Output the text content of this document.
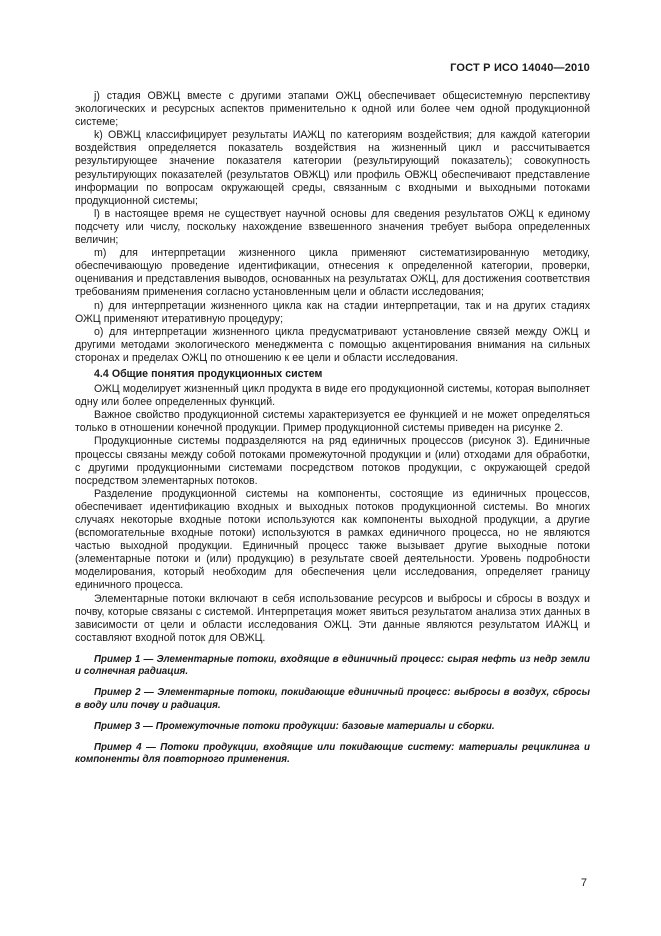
ГОСТ Р ИСО 14040—2010

j) стадия ОВЖЦ вместе с другими этапами ОЖЦ обеспечивает общесистемную перспективу экологических и ресурсных аспектов применительно к одной или более чем одной продукционной системе;

k) ОВЖЦ классифицирует результаты ИАЖЦ по категориям воздействия; для каждой категории воздействия определяется показатель воздействия на жизненный цикл и рассчитывается результирующее значение показателя категории (результирующий показатель); совокупность результирующих показателей (результатов ОВЖЦ) или профиль ОВЖЦ обеспечивают представление информации по вопросам окружающей среды, связанным с входными и выходными потоками продукционной системы;

l) в настоящее время не существует научной основы для сведения результатов ОЖЦ к единому подсчету или числу, поскольку нахождение взвешенного значения требует выбора определенных величин;

m) для интерпретации жизненного цикла применяют систематизированную методику, обеспечивающую проведение идентификации, отнесения к определенной категории, проверки, оценивания и представления выводов, основанных на результатах ОЖЦ, для достижения соответствия требованиям применения согласно установленным цели и области исследования;

n) для интерпретации жизненного цикла как на стадии интерпретации, так и на других стадиях ОЖЦ применяют итеративную процедуру;

o) для интерпретации жизненного цикла предусматривают установление связей между ОЖЦ и другими методами экологического менеджмента с помощью акцентирования внимания на сильных сторонах и пределах ОЖЦ по отношению к ее цели и области исследования.

4.4 Общие понятия продукционных систем

ОЖЦ моделирует жизненный цикл продукта в виде его продукционной системы, которая выполняет одну или более определенных функций.

Важное свойство продукционной системы характеризуется ее функцией и не может определяться только в отношении конечной продукции. Пример продукционной системы приведен на рисунке 2.

Продукционные системы подразделяются на ряд единичных процессов (рисунок 3). Единичные процессы связаны между собой потоками промежуточной продукции и (или) отходами для обработки, с другими продукционными системами посредством потоков продукции, с окружающей средой посредством элементарных потоков.

Разделение продукционной системы на компоненты, состоящие из единичных процессов, обеспечивает идентификацию входных и выходных потоков продукционной системы. Во многих случаях некоторые входные потоки используются как компоненты выходной продукции, а другие (вспомогательные входные потоки) используются в рамках единичного процесса, но не являются частью выходной продукции. Единичный процесс также вызывает другие выходные потоки (элементарные потоки и (или) продукцию) в результате своей деятельности. Уровень подробности моделирования, который необходим для обеспечения цели исследования, определяет границу единичного процесса.

Элементарные потоки включают в себя использование ресурсов и выбросы и сбросы в воздух и почву, которые связаны с системой. Интерпретация может явиться результатом анализа этих данных в зависимости от цели и области исследования ОЖЦ. Эти данные являются результатом ИАЖЦ и составляют входной поток для ОВЖЦ.

Пример 1 — Элементарные потоки, входящие в единичный процесс: сырая нефть из недр земли и солнечная радиация.

Пример 2 — Элементарные потоки, покидающие единичный процесс: выбросы в воздух, сбросы в воду или почву и радиация.

Пример 3 — Промежуточные потоки продукции: базовые материалы и сборки.

Пример 4 — Потоки продукции, входящие или покидающие систему: материалы рециклинга и компоненты для повторного применения.

7
